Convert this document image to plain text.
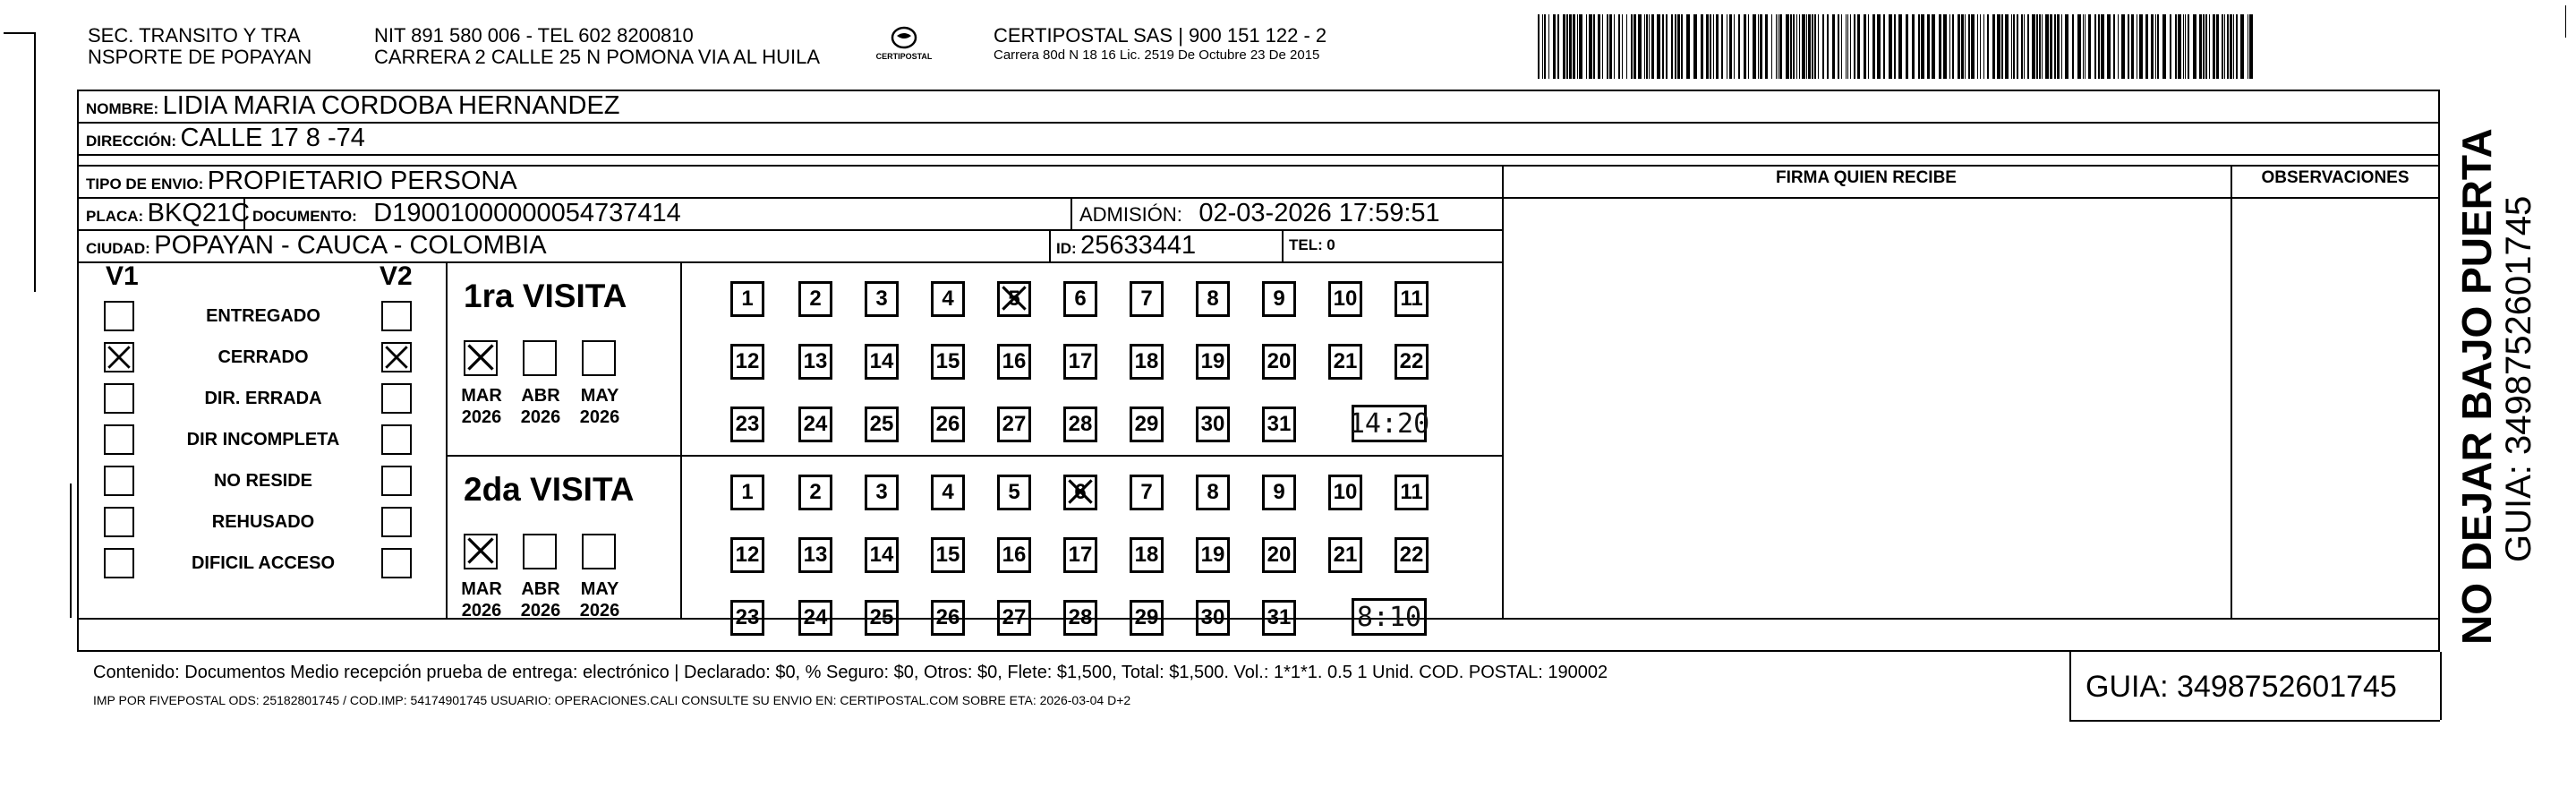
SEC. TRANSITO Y TRA
NSPORTE DE POPAYAN
NIT 891 580 006 - TEL 602 8200810
CARRERA 2 CALLE 25 N POMONA VIA AL HUILA	CERTIPOSTAL
CERTIPOSTAL SAS | 900 151 122 - 2
Carrera 80d N 18 16 Lic. 2519 De Octubre 23 De 2015
FIRMA QUIEN RECIBE	OBSERVACIONES
NOMBRE: LIDIA MARIA CORDOBA HERNANDEZ
DIRECCIÓN: CALLE 17 8 -74
TIPO DE ENVIO: PROPIETARIO PERSONA
PLACA: BKQ21C DOCUMENTO: D19001000000054737414	ADMISIÓN: 02-03-2026 17:59:51
CIUDAD: POPAYAN - CAUCA - COLOMBIA	ID: 25633441	TEL: 0
V1	V2
ENTREGADO
CERRADO
DIR. ERRADA
DIR INCOMPLETA
NO RESIDE
REHUSADO
DIFICIL ACCESO
1ra VISITA
MAR
2026
ABR
2026
MAY
2026
1	2	3	4	5	6	7	8	9 10 11
12 13 14 15 16 17 18 19 20 21 22
23 24 25 26 27 28 29 30 31 14:20
2da VISITA
MAR
2026
ABR
2026
MAY
2026
1	2	3	4	5	6	7	8	9 10 11
12 13 14 15 16 17 18 19 20 21 22
23 24 25 26 27 28 29 30 31 8:10
Contenido: Documentos Medio recepción prueba de entrega: electrónico | Declarado: $0, % Seguro: $0, Otros: $0, Flete: $1,500, Total: $1,500. Vol.: 1*1*1. 0.5 1 Unid. COD. POSTAL: 190002
IMP POR FIVEPOSTAL ODS: 25182801745 / COD.IMP: 54174901745 USUARIO: OPERACIONES.CALI CONSULTE SU ENVIO EN: CERTIPOSTAL.COM SOBRE ETA: 2026-03-04 D+2	GUIA: 3498752601745
NO DEJAR BAJO PUERTA GUIA: 3498752601745
